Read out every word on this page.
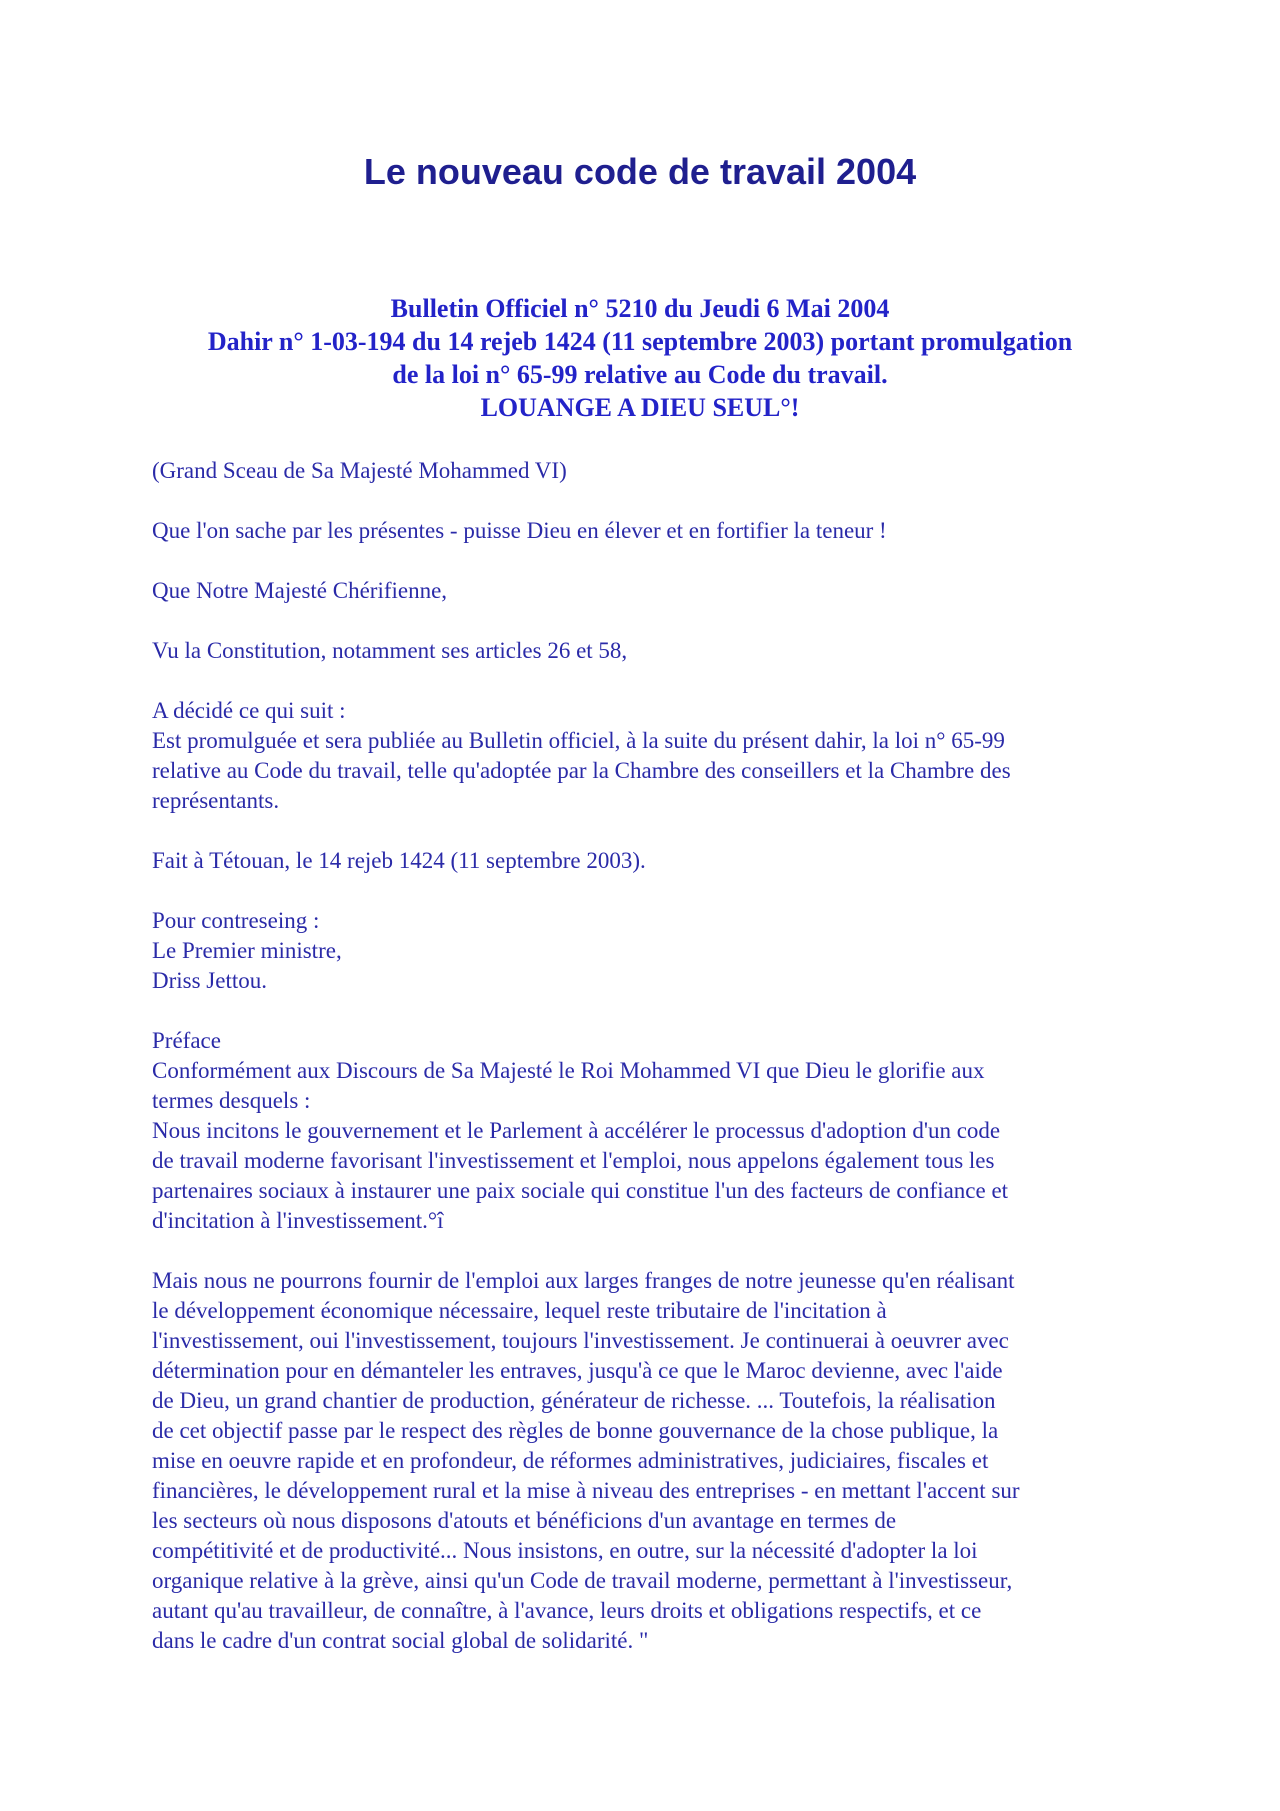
Le nouveau code de travail 2004
Bulletin Officiel n° 5210 du Jeudi 6 Mai 2004
Dahir n° 1-03-194 du 14 rejeb 1424 (11 septembre 2003) portant promulgation
de la loi n° 65-99 relative au Code du travail.
LOUANGE A DIEU SEUL°!

(Grand Sceau de Sa Majesté Mohammed VI)

Que l'on sache par les présentes - puisse Dieu en élever et en fortifier la teneur !

Que Notre Majesté Chérifienne,

Vu la Constitution, notamment ses articles 26 et 58,

A décidé ce qui suit :
Est promulguée et sera publiée au Bulletin officiel, à la suite du présent dahir, la loi n° 65-99
relative au Code du travail, telle qu'adoptée par la Chambre des conseillers et la Chambre des
représentants.

Fait à Tétouan, le 14 rejeb 1424 (11 septembre 2003).

Pour contreseing :
Le Premier ministre,
Driss Jettou.

Préface
Conformément aux Discours de Sa Majesté le Roi Mohammed VI que Dieu le glorifie aux
termes desquels :
Nous incitons le gouvernement et le Parlement à accélérer le processus d'adoption d'un code
de travail moderne favorisant l'investissement et l'emploi, nous appelons également tous les
partenaires sociaux à instaurer une paix sociale qui constitue l'un des facteurs de confiance et
d'incitation à l'investissement.°î

Mais nous ne pourrons fournir de l'emploi aux larges franges de notre jeunesse qu'en réalisant
le développement économique nécessaire, lequel reste tributaire de l'incitation à
l'investissement, oui l'investissement, toujours l'investissement. Je continuerai à oeuvrer avec
détermination pour en démanteler les entraves, jusqu'à ce que le Maroc devienne, avec l'aide
de Dieu, un grand chantier de production, générateur de richesse. ... Toutefois, la réalisation
de cet objectif passe par le respect des règles de bonne gouvernance de la chose publique, la
mise en oeuvre rapide et en profondeur, de réformes administratives, judiciaires, fiscales et
financières, le développement rural et la mise à niveau des entreprises - en mettant l'accent sur
les secteurs où nous disposons d'atouts et bénéficions d'un avantage en termes de
compétitivité et de productivité... Nous insistons, en outre, sur la nécessité d'adopter la loi
organique relative à la grève, ainsi qu'un Code de travail moderne, permettant à l'investisseur,
autant qu'au travailleur, de connaître, à l'avance, leurs droits et obligations respectifs, et ce
dans le cadre d'un contrat social global de solidarité. "
